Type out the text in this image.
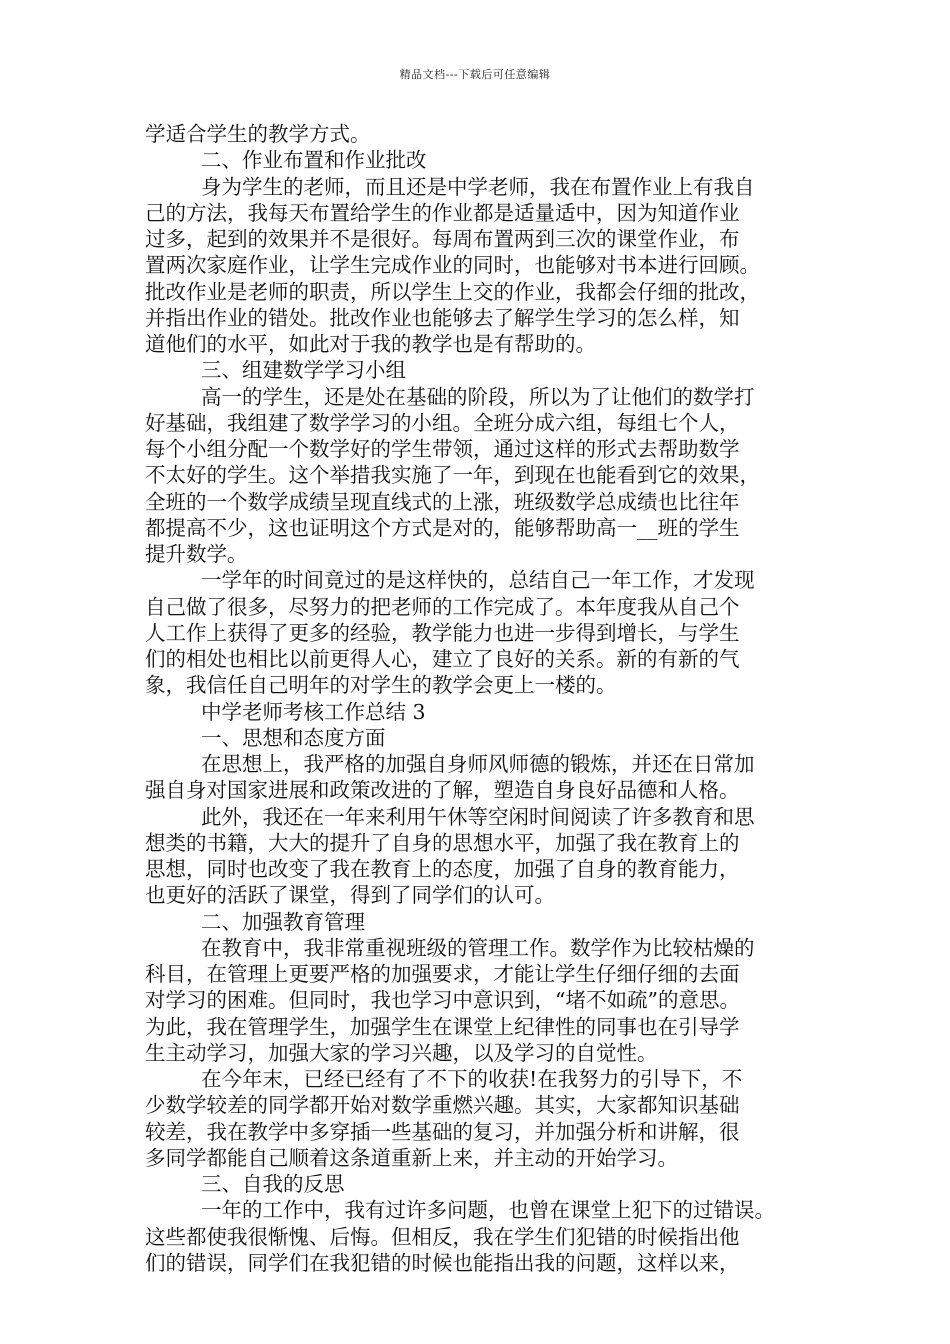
精品文档---下载后可任意编辑
学适合学生的教学方式。
二、作业布置和作业批改
身为学生的老师，而且还是中学老师，我在布置作业上有我自
己的方法，我每天布置给学生的作业都是适量适中，因为知道作业
过多，起到的效果并不是很好。每周布置两到三次的课堂作业，布
置两次家庭作业，让学生完成作业的同时，也能够对书本进行回顾。
批改作业是老师的职责，所以学生上交的作业，我都会仔细的批改，
并指出作业的错处。批改作业也能够去了解学生学习的怎么样，知
道他们的水平，如此对于我的教学也是有帮助的。
三、组建数学学习小组
高一的学生，还是处在基础的阶段，所以为了让他们的数学打
好基础，我组建了数学学习的小组。全班分成六组，每组七个人，
每个小组分配一个数学好的学生带领，通过这样的形式去帮助数学
不太好的学生。这个举措我实施了一年，到现在也能看到它的效果，
全班的一个数学成绩呈现直线式的上涨，班级数学总成绩也比往年
都提高不少，这也证明这个方式是对的，能够帮助高一__班的学生
提升数学。
一学年的时间竟过的是这样快的，总结自己一年工作，才发现
自己做了很多，尽努力的把老师的工作完成了。本年度我从自己个
人工作上获得了更多的经验，教学能力也进一步得到增长，与学生
们的相处也相比以前更得人心，建立了良好的关系。新的有新的气
象，我信任自己明年的对学生的教学会更上一楼的。
中学老师考核工作总结 3
一、思想和态度方面
在思想上，我严格的加强自身师风师德的锻炼，并还在日常加
强自身对国家进展和政策改进的了解，塑造自身良好品德和人格。
此外，我还在一年来利用午休等空闲时间阅读了许多教育和思
想类的书籍，大大的提升了自身的思想水平，加强了我在教育上的
思想，同时也改变了我在教育上的态度，加强了自身的教育能力，
也更好的活跃了课堂，得到了同学们的认可。
二、加强教育管理
在教育中，我非常重视班级的管理工作。数学作为比较枯燥的
科目，在管理上更要严格的加强要求，才能让学生仔细仔细的去面
对学习的困难。但同时，我也学习中意识到，“堵不如疏”的意思。
为此，我在管理学生，加强学生在课堂上纪律性的同事也在引导学
生主动学习，加强大家的学习兴趣，以及学习的自觉性。
在今年末，已经已经有了不下的收获!在我努力的引导下，不
少数学较差的同学都开始对数学重燃兴趣。其实，大家都知识基础
较差，我在教学中多穿插一些基础的复习，并加强分析和讲解，很
多同学都能自己顺着这条道重新上来，并主动的开始学习。
三、自我的反思
一年的工作中，我有过许多问题，也曾在课堂上犯下的过错误。
这些都使我很惭愧、后悔。但相反，我在学生们犯错的时候指出他
们的错误，同学们在我犯错的时候也能指出我的问题，这样以来，
